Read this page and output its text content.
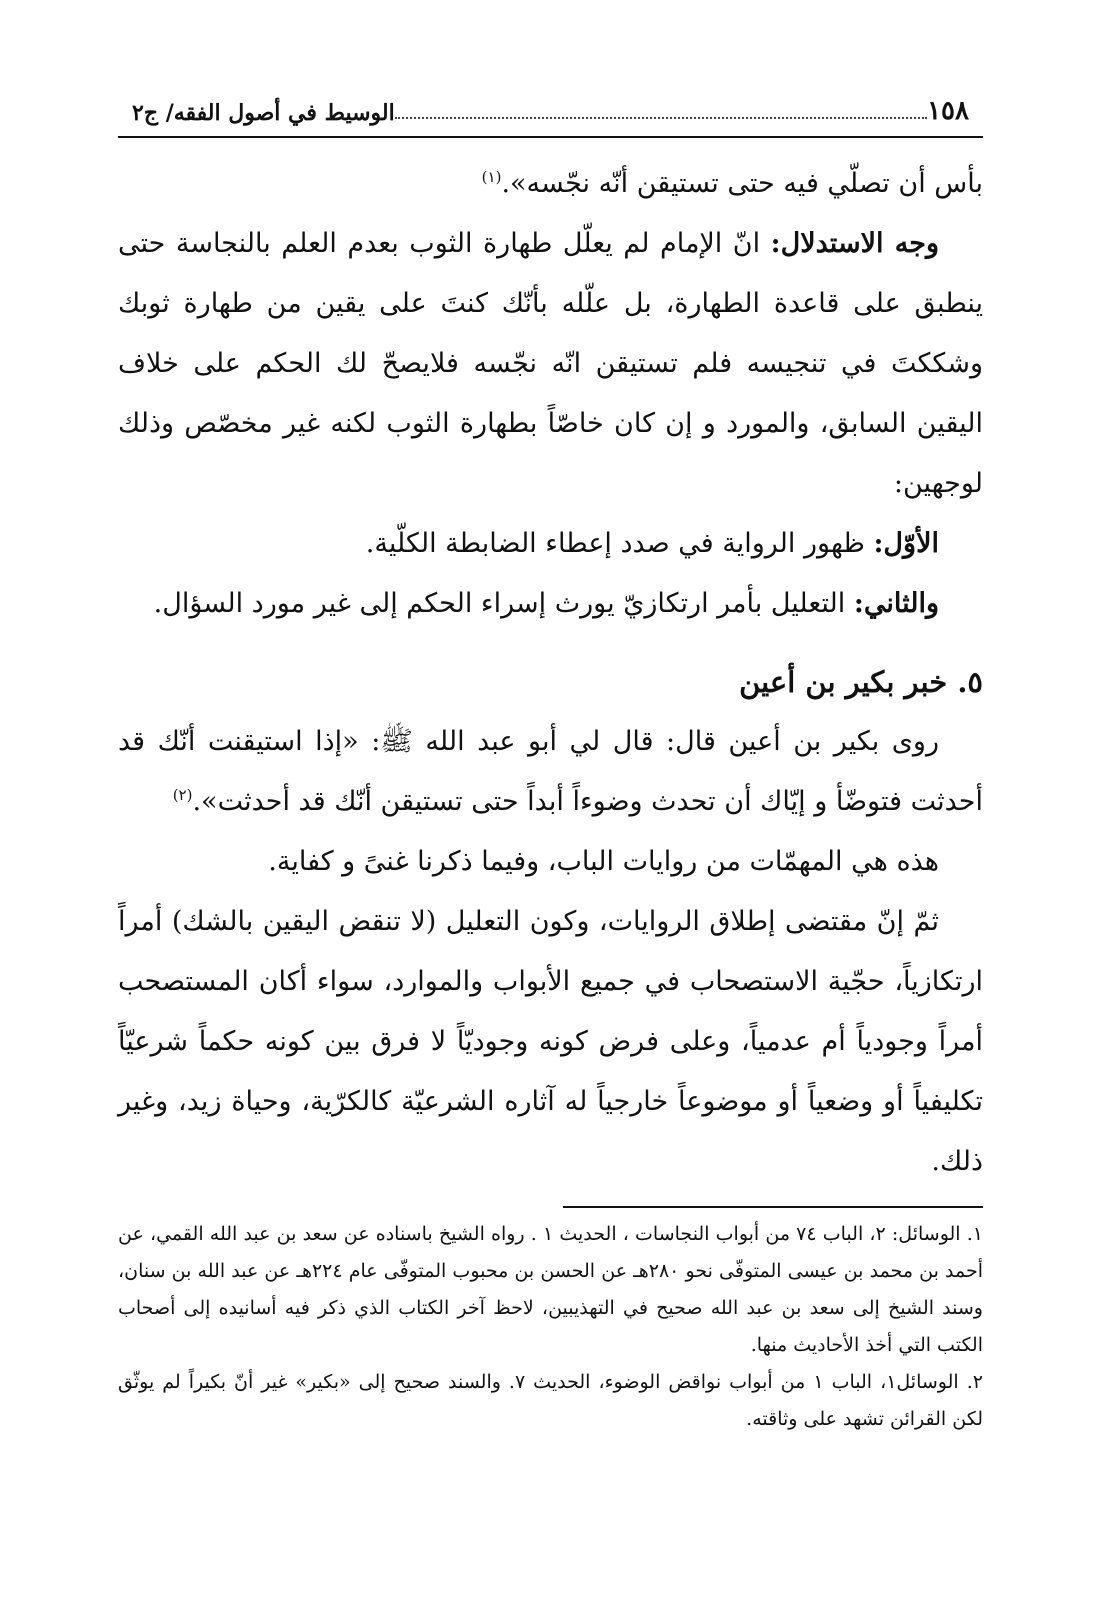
١٥٨
الوسيط في أصول الفقه/ ج٢

بأس أن تصلّي فيه حتى تستيقن أنّه نجّسه».$^{(١)}$

وجه الاستدلال: انّ الإمام لم يعلّل طهارة الثوب بعدم العلم بالنجاسة حتى ينطبق على قاعدة الطهارة، بل علّله بأنّك كنتَ على يقين من طهارة ثوبك وشككتَ في تنجيسه فلم تستيقن انّه نجّسه فلايصحّ لك الحكم على خلاف اليقين السابق، والمورد و إن كان خاصّاً بطهارة الثوب لكنه غير مخصّص وذلك لوجهين:

الأوّل: ظهور الرواية في صدد إعطاء الضابطة الكلّية.

والثاني: التعليل بأمر ارتكازيّ يورث إسراء الحكم إلى غير مورد السؤال.

٥. خبر بكير بن أعين

روى بكير بن أعين قال: قال لي أبو عبد الله ﷺ: «إذا استيقنت أنّك قد أحدثت فتوضّأ و إيّاك أن تحدث وضوءاً أبداً حتى تستيقن أنّك قد أحدثت».$^{(٢)}$

هذه هي المهمّات من روايات الباب، وفيما ذكرنا غنىً و كفاية.

ثمّ إنّ مقتضى إطلاق الروايات، وكون التعليل (لا تنقض اليقين بالشك) أمراً ارتكازياً، حجّية الاستصحاب في جميع الأبواب والموارد، سواء أكان المستصحب أمراً وجودياً أم عدمياً، وعلى فرض كونه وجوديّاً لا فرق بين كونه حكماً شرعيّاً تكليفياً أو وضعياً أو موضوعاً خارجياً له آثاره الشرعيّة كالكرّية، وحياة زيد، وغير ذلك.

١. الوسائل: ٢، الباب ٧٤ من أبواب النجاسات ، الحديث ١ . رواه الشيخ باسناده عن سعد بن عبد الله القمي، عن أحمد بن محمد بن عيسى المتوفّى نحو ٢٨٠هـ عن الحسن بن محبوب المتوفّى عام ٢٢٤هـ عن عبد الله بن سنان، وسند الشيخ إلى سعد بن عبد الله صحيح في التهذيبين، لاحظ آخر الكتاب الذي ذكر فيه أسانيده إلى أصحاب الكتب التي أخذ الأحاديث منها.

٢. الوسائل١، الباب ١ من أبواب نواقض الوضوء، الحديث ٧. والسند صحيح إلى «بكير» غير أنّ بكيراً لم يوثّق لكن القرائن تشهد على وثاقته.
